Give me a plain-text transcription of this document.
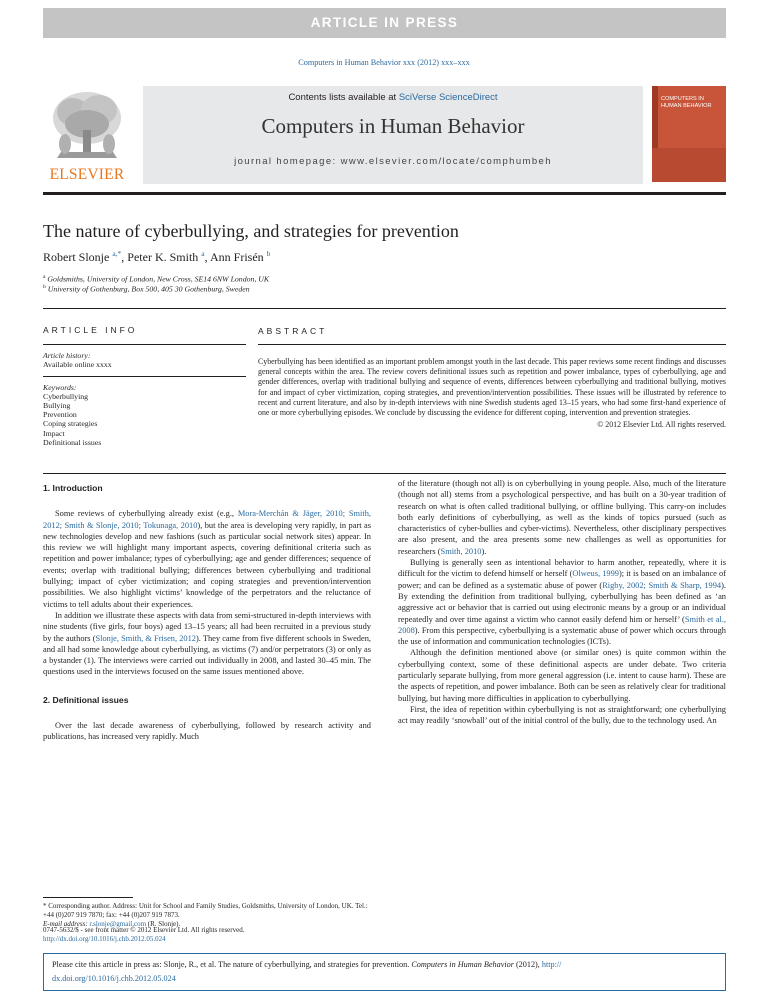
ARTICLE IN PRESS
Computers in Human Behavior xxx (2012) xxx–xxx
ELSEVIER
Contents lists available at SciVerse ScienceDirect
Computers in Human Behavior
journal homepage: www.elsevier.com/locate/comphumbeh
COMPUTERS IN HUMAN BEHAVIOR
The nature of cyberbullying, and strategies for prevention
Robert Slonje $^{a,*}$, Peter K. Smith $^a$, Ann Frisén $^b$
$^a$ Goldsmiths, University of London, New Cross, SE14 6NW London, UK
$^b$ University of Gothenburg, Box 500, 405 30 Gothenburg, Sweden
ARTICLE INFO
Article history:
Available online xxxx
Keywords:
Cyberbullying
Bullying
Prevention
Coping strategies
Impact
Definitional issues
ABSTRACT
Cyberbullying has been identified as an important problem amongst youth in the last decade. This paper reviews some recent findings and discusses general concepts within the area. The review covers definitional issues such as repetition and power imbalance, types of cyberbullying, age and gender differences, overlap with traditional bullying and sequence of events, differences between cyberbullying and traditional bullying, motives for and impact of cyber victimization, coping strategies, and prevention/intervention possibilities. These issues will be illustrated by reference to recent and current literature, and also by in-depth interviews with nine Swedish students aged 13–15 years, who had some first-hand experience of one or more cyberbullying episodes. We conclude by discussing the evidence for different coping, intervention and prevention strategies.
© 2012 Elsevier Ltd. All rights reserved.
1. Introduction
Some reviews of cyberbullying already exist (e.g., Mora-Merchán & Jäger, 2010; Smith, 2012; Smith & Slonje, 2010; Tokunaga, 2010), but the area is developing very rapidly, in part as new technologies develop and new fashions (such as particular social network sites) appear. In this review we will highlight many important aspects, covering definitional criteria such as repetition and power imbalance; types of cyberbullying; age and gender differences; sequence of events; overlap with traditional bullying; differences between cyberbullying and traditional bullying; impact of cyber victimization; and coping strategies and prevention/intervention possibilities. We also highlight victims’ knowledge of the perpetrators and the reluctance of victims to tell adults about their experiences.
In addition we illustrate these aspects with data from semi-structured in-depth interviews with nine students (five girls, four boys) aged 13–15 years; all had been recruited in a previous study by the authors (Slonje, Smith, & Frisen, 2012). They came from five different schools in Sweden, and all had some knowledge about cyberbullying, as victims (7) and/or perpetrators (3) or only as a bystander (1). The interviews were carried out individually in 2008, and lasted 30–45 min. The questions used in the interviews focused on the same issues mentioned above.
2. Definitional issues
Over the last decade awareness of cyberbullying, followed by research activity and publications, has increased very rapidly. Much
* Corresponding author. Address: Unit for School and Family Studies, Goldsmiths, University of London, UK. Tel.: +44 (0)207 919 7870; fax: +44 (0)207 919 7873.
E-mail address: r.slonje@gmail.com (R. Slonje).
of the literature (though not all) is on cyberbullying in young people. Also, much of the literature (though not all) stems from a psychological perspective, and has built on a 30-year tradition of research on what is often called traditional bullying, or offline bullying. This carry-on includes both early definitions of cyberbullying, as well as the kinds of topics pursued (such as characteristics of cyber-bullies and cyber-victims). Nevertheless, other disciplinary perspectives are also present, and the area presents some new challenges as well as opportunities for researchers (Smith, 2010).
Bullying is generally seen as intentional behavior to harm another, repeatedly, where it is difficult for the victim to defend himself or herself (Olweus, 1999); it is based on an imbalance of power; and can be defined as a systematic abuse of power (Rigby, 2002; Smith & Sharp, 1994). By extending the definition from traditional bullying, cyberbullying has been defined as ‘an aggressive act or behavior that is carried out using electronic means by a group or an individual repeatedly and over time against a victim who cannot easily defend him or herself’ (Smith et al., 2008). From this perspective, cyberbullying is a systematic abuse of power which occurs through the use of information and communication technologies (ICTs).
Although the definition mentioned above (or similar ones) is quite common within the cyberbullying context, some of these definitional aspects are under debate. Two criteria particularly separate bullying, from more general aggression (i.e. intent to cause harm). These are the aspects of repetition, and power imbalance. Both can be seen as relatively clear for traditional bullying, but having more difficulties in application to cyberbullying.
First, the idea of repetition within cyberbullying is not as straightforward; one cyberbullying act may readily ‘snowball’ out of the initial control of the bully, due to the technology used. An
0747-5632/$ - see front matter © 2012 Elsevier Ltd. All rights reserved.
http://dx.doi.org/10.1016/j.chb.2012.05.024
Please cite this article in press as: Slonje, R., et al. The nature of cyberbullying, and strategies for prevention. Computers in Human Behavior (2012), http://
dx.doi.org/10.1016/j.chb.2012.05.024
